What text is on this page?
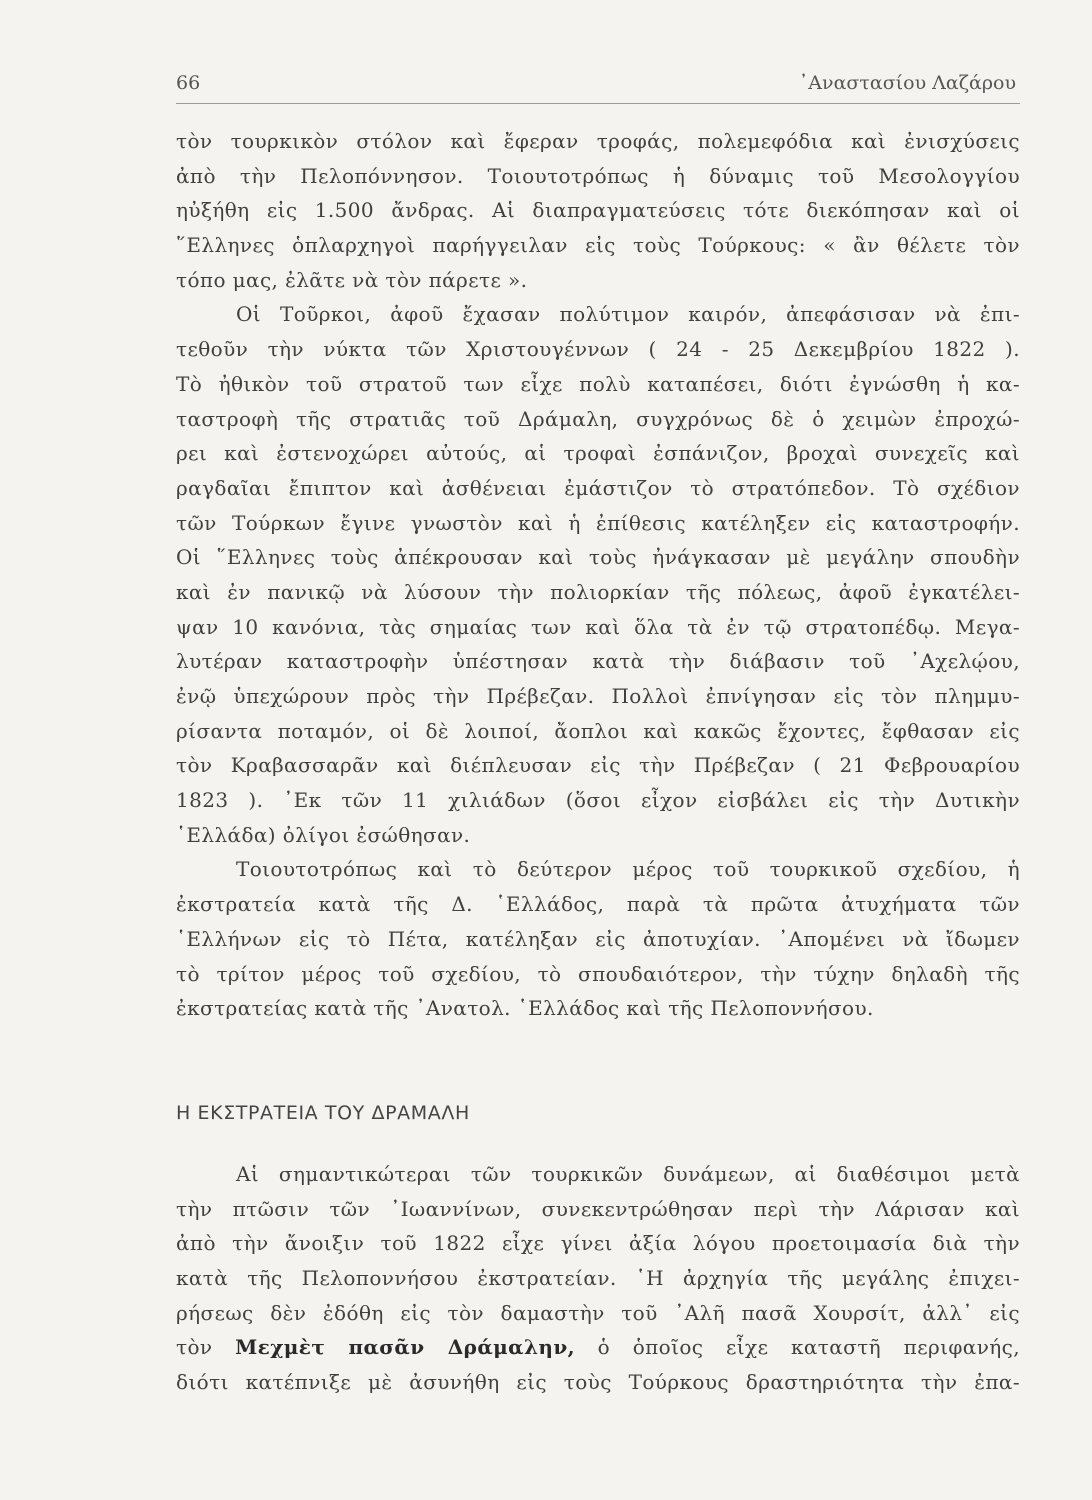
66	᾿Αναστασίου Λαζάρου
τὸν τουρκικὸν στόλον καὶ ἔφεραν τροφάς, πολεμεφόδια καὶ ἐνισχύσεις
ἀπὸ τὴν Πελοπόννησον. Τοιουτοτρόπως ἡ δύναμις τοῦ Μεσολογγίου
ηὐξήθη εἰς 1.500 ἄνδρας. Αἱ διαπραγματεύσεις τότε διεκόπησαν καὶ οἱ
῞Ελληνες ὁπλαρχηγοὶ παρήγγειλαν εἰς τοὺς Τούρκους: « ἂν θέλετε τὸν
τόπο μας, ἐλᾶτε νὰ τὸν πάρετε ».
Οἱ Τοῦρκοι, ἀφοῦ ἔχασαν πολύτιμον καιρόν, ἀπεφάσισαν νὰ ἐπι-
τεθοῦν τὴν νύκτα τῶν Χριστουγέννων ( 24 - 25 Δεκεμβρίου 1822 ).
Τὸ ἠθικὸν τοῦ στρατοῦ των εἶχε πολὺ καταπέσει, διότι ἐγνώσθη ἡ κα-
ταστροφὴ τῆς στρατιᾶς τοῦ Δράμαλη, συγχρόνως δὲ ὁ χειμὼν ἐπροχώ-
ρει καὶ ἐστενοχώρει αὐτούς, αἱ τροφαὶ ἐσπάνιζον, βροχαὶ συνεχεῖς καὶ
ραγδαῖαι ἔπιπτον καὶ ἀσθένειαι ἐμάστιζον τὸ στρατόπεδον. Τὸ σχέδιον
τῶν Τούρκων ἔγινε γνωστὸν καὶ ἡ ἐπίθεσις κατέληξεν εἰς καταστροφήν.
Οἱ ῞Ελληνες τοὺς ἀπέκρουσαν καὶ τοὺς ἠνάγκασαν μὲ μεγάλην σπουδὴν
καὶ ἐν πανικῷ νὰ λύσουν τὴν πολιορκίαν τῆς πόλεως, ἀφοῦ ἐγκατέλει-
ψαν 10 κανόνια, τὰς σημαίας των καὶ ὅλα τὰ ἐν τῷ στρατοπέδῳ. Μεγα-
λυτέραν καταστροφὴν ὑπέστησαν κατὰ τὴν διάβασιν τοῦ ᾿Αχελῴου,
ἐνῷ ὑπεχώρουν πρὸς τὴν Πρέβεζαν. Πολλοὶ ἐπνίγησαν εἰς τὸν πλημμυ-
ρίσαντα ποταμόν, οἱ δὲ λοιποί, ἄοπλοι καὶ κακῶς ἔχοντες, ἔφθασαν εἰς
τὸν Κραβασσαρᾶν καὶ διέπλευσαν εἰς τὴν Πρέβεζαν ( 21 Φεβρουαρίου
1823 ). ᾿Εκ τῶν 11 χιλιάδων (ὅσοι εἶχον εἰσβάλει εἰς τὴν Δυτικὴν
῾Ελλάδα) ὀλίγοι ἐσώθησαν.
Τοιουτοτρόπως καὶ τὸ δεύτερον μέρος τοῦ τουρκικοῦ σχεδίου, ἡ
ἐκστρατεία κατὰ τῆς Δ. ῾Ελλάδος, παρὰ τὰ πρῶτα ἀτυχήματα τῶν
῾Ελλήνων εἰς τὸ Πέτα, κατέληξαν εἰς ἀποτυχίαν. ᾿Απομένει νὰ ἴδωμεν
τὸ τρίτον μέρος τοῦ σχεδίου, τὸ σπουδαιότερον, τὴν τύχην δηλαδὴ τῆς
ἐκστρατείας κατὰ τῆς ᾿Ανατολ. ῾Ελλάδος καὶ τῆς Πελοποννήσου.
Η ΕΚΣΤΡΑΤΕΙΑ ΤΟΥ ΔΡΑΜΑΛΗ
Αἱ σημαντικώτεραι τῶν τουρκικῶν δυνάμεων, αἱ διαθέσιμοι μετὰ
τὴν πτῶσιν τῶν ᾿Ιωαννίνων, συνεκεντρώθησαν περὶ τὴν Λάρισαν καὶ
ἀπὸ τὴν ἄνοιξιν τοῦ 1822 εἶχε γίνει ἀξία λόγου προετοιμασία διὰ τὴν
κατὰ τῆς Πελοποννήσου ἐκστρατείαν. ῾Η ἀρχηγία τῆς μεγάλης ἐπιχει-
ρήσεως δὲν ἐδόθη εἰς τὸν δαμαστὴν τοῦ ᾿Αλῆ πασᾶ Χουρσίτ, ἀλλ᾿ εἰς
τὸν Μεχμὲτ πασᾶν Δράμαλην, ὁ ὁποῖος εἶχε καταστῆ περιφανής,
διότι κατέπνιξε μὲ ἀσυνήθη εἰς τοὺς Τούρκους δραστηριότητα τὴν ἐπα-
